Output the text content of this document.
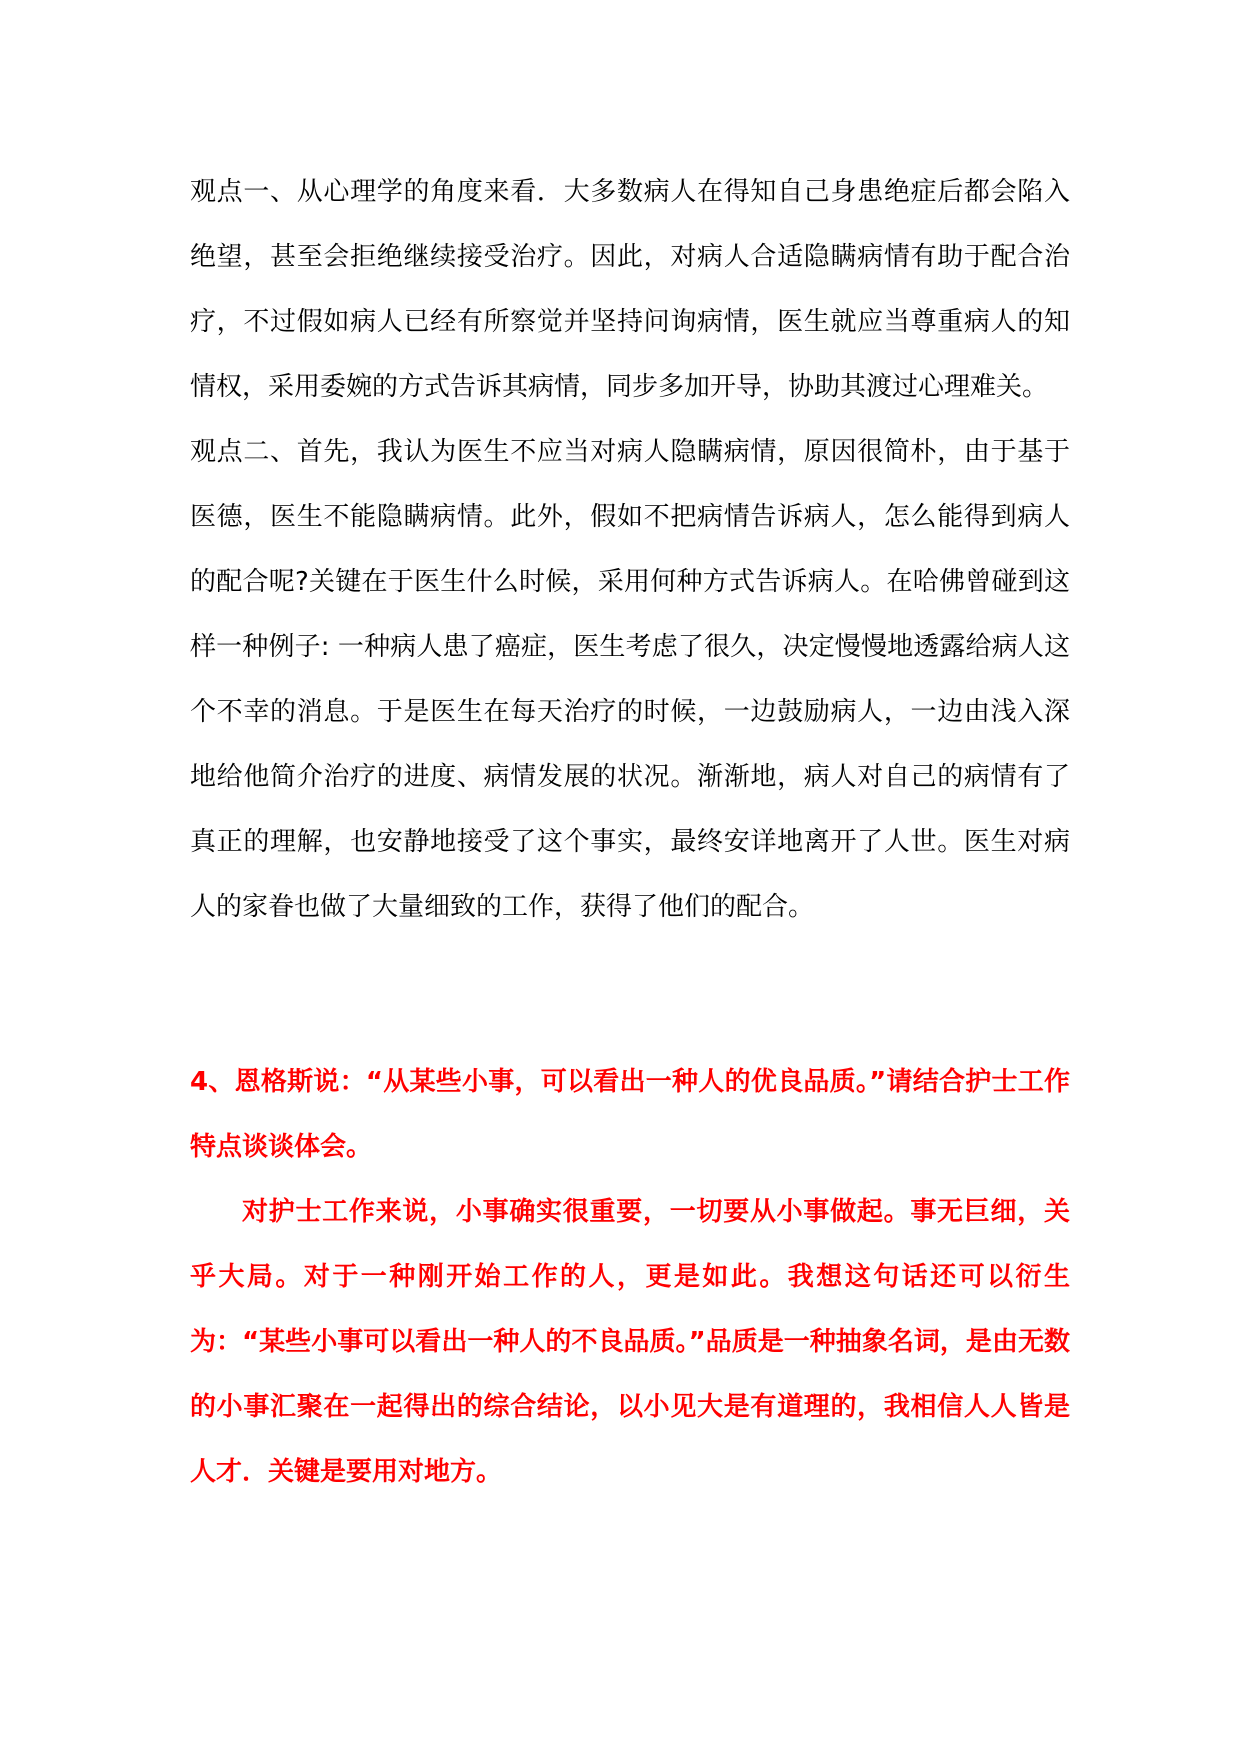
观点一、从心理学的角度来看．大多数病人在得知自己身患绝症后都会陷入绝望，甚至会拒绝继续接受治疗。因此，对病人合适隐瞒病情有助于配合治疗，不过假如病人已经有所察觉并坚持问询病情，医生就应当尊重病人的知情权，采用委婉的方式告诉其病情，同步多加开导，协助其渡过心理难关。

观点二、首先，我认为医生不应当对病人隐瞒病情，原因很简朴，由于基于医德，医生不能隐瞒病情。此外，假如不把病情告诉病人，怎么能得到病人的配合呢?关键在于医生什么时候，采用何种方式告诉病人。在哈佛曾碰到这样一种例子: 一种病人患了癌症，医生考虑了很久，决定慢慢地透露给病人这个不幸的消息。于是医生在每天治疗的时候，一边鼓励病人，一边由浅入深地给他简介治疗的进度、病情发展的状况。渐渐地，病人对自己的病情有了真正的理解，也安静地接受了这个事实，最终安详地离开了人世。医生对病人的家眷也做了大量细致的工作，获得了他们的配合。

4、恩格斯说：“从某些小事，可以看出一种人的优良品质。”请结合护士工作特点谈谈体会。

对护士工作来说，小事确实很重要，一切要从小事做起。事无巨细，关乎大局。对于一种刚开始工作的人，更是如此。我想这句话还可以衍生为：“某些小事可以看出一种人的不良品质。”品质是一种抽象名词，是由无数的小事汇聚在一起得出的综合结论，以小见大是有道理的，我相信人人皆是人才．关键是要用对地方。
